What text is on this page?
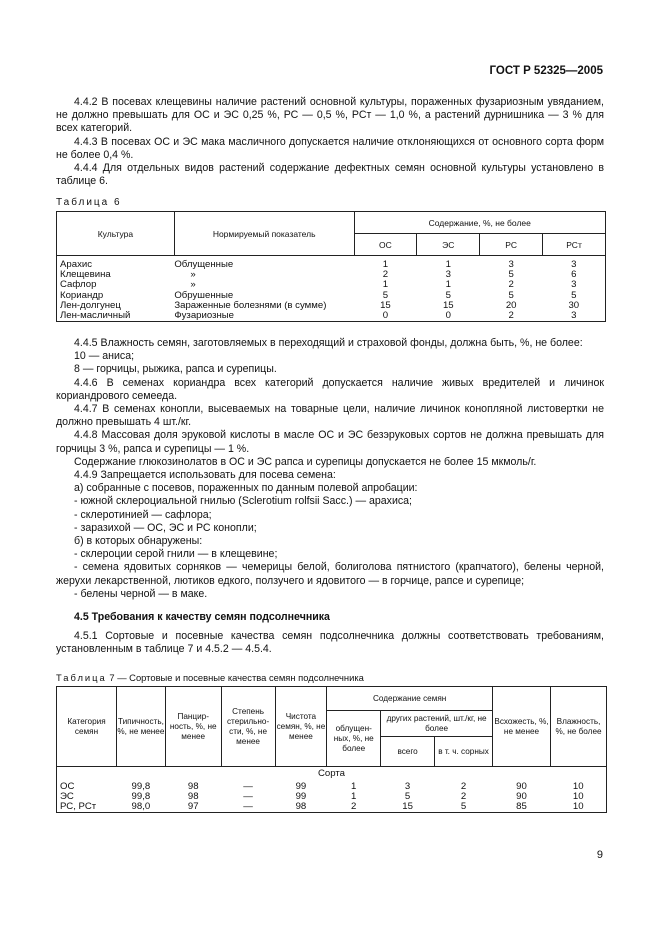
ГОСТ Р 52325—2005

4.4.2 В посевах клещевины наличие растений основной культуры, пораженных фузариозным увяданием, не должно превышать для ОС и ЭС 0,25 %, РС — 0,5 %, РСт — 1,0 %, а растений дурнишника — 3 % для всех категорий.

4.4.3 В посевах ОС и ЭС мака масличного допускается наличие отклоняющихся от основного сорта форм не более 0,4 %.

4.4.4 Для отдельных видов растений содержание дефектных семян основной культуры установлено в таблице 6.

Таблица 6
Культура	Нормируемый показатель	Содержание, %, не более			
		ОС	ЭС	РС	РСт
Арахис	Облущенные	1	1	3	3
Клещевина	»	2	3	5	6
Сафлор	»	1	1	2	3
Кориандр	Обрушенные	5	5	5	5
Лен-долгунец	Зараженные болезнями (в сумме)	15	15	20	30
Лен-масличный	Фузариозные	0	0	2	3

4.4.5 Влажность семян, заготовляемых в переходящий и страховой фонды, должна быть, %, не более:

10 — аниса;

8 — горчицы, рыжика, рапса и сурепицы.

4.4.6 В семенах кориандра всех категорий допускается наличие живых вредителей и личинок кориандрового семееда.

4.4.7 В семенах конопли, высеваемых на товарные цели, наличие личинок конопляной листовертки не должно превышать 4 шт./кг.

4.4.8 Массовая доля эруковой кислоты в масле ОС и ЭС безэруковых сортов не должна превышать для горчицы 3 %, рапса и сурепицы — 1 %.

Содержание глюкозинолатов в ОС и ЭС рапса и сурепицы допускается не более 15 мкмоль/г.

4.4.9 Запрещается использовать для посева семена:

а) собранные с посевов, пораженных по данным полевой апробации:

- южной склероциальной гнилью (Sclerotium rolfsii Sacc.) — арахиса;

- склеротинией — сафлора;

- заразихой — ОС, ЭС и РС конопли;

б) в которых обнаружены:

- склероции серой гнили — в клещевине;

- семена ядовитых сорняков — чемерицы белой, болиголова пятнистого (крапчатого), белены черной, жерухи лекарственной, лютиков едкого, ползучего и ядовитого — в горчице, рапсе и сурепице;

- белены черной — в маке.

4.5 Требования к качеству семян подсолнечника

4.5.1 Сортовые и посевные качества семян подсолнечника должны соответствовать требованиям, установленным в таблице 7 и 4.5.2 — 4.5.4.

Таблица 7 — Сортовые и посевные качества семян подсолнечника
Категория семян	Типичность, %, не менее	Панцир-ность, %, не менее	Степень стерильно-сти, %, не менее	Чистота семян, %, не менее	Содержание семян			Всхожесть, %, не менее	Влажность, %, не более
					облущен-ных, %, не более	других растений, шт./кг, не более			
						всего	в т. ч. сорных		
Сорта									
ОС	99,8	98	—	99	1	3	2	90	10
ЭС	99,8	98	—	99	1	5	2	90	10
РС, РСт	98,0	97	—	98	2	15	5	85	10
9
